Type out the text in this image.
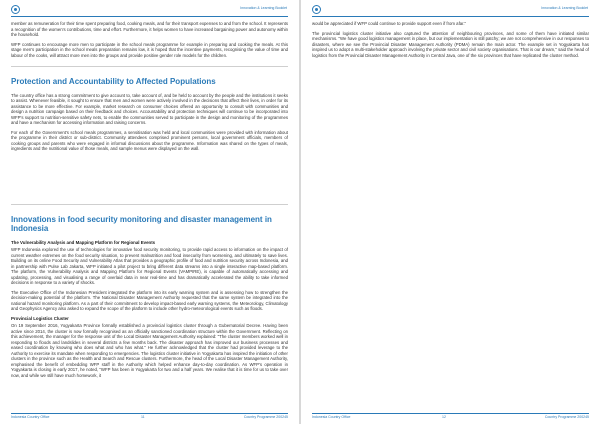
Innovation & Learning Booklet

member as remuneration for their time spent preparing food, cooking meals, and for their transport expenses to and from the school. It represents a recognition of the women's contributions, time and effort. Furthermore, it helps women to have increased bargaining power and autonomy within the household.

WFP continues to encourage more men to participate in the school meals programme for example in preparing and cooking the meals. At this stage men's participation in the school meals preparation remains low, it is hoped that the incentive payments, recognising the value of time and labour of the cooks, will attract more men into the groups and provide positive gender role models for the children.

Protection and Accountability to Affected Populations

The country office has a strong commitment to give account to, take account of, and be held to account by the people and the institutions it seeks to assist. Whenever feasible, it sought to ensure that men and women were actively involved in the decisions that affect their lives, in order for its assistance to be more effective. For example, market research on consumer choices offered an opportunity to consult with communities and design a nutrition campaign based on their feedback and choices. Accountability and protection techniques will continue to be incorporated into WFP's support to nutrition-sensitive safety nets, to enable the communities served to participate in the design and monitoring of the programmes and have a mechanism for accessing information and raising concerns.

For each of the Government's school meals programmes, a sensitisation was held and local communities were provided with information about the programme in their district or sub-district. Community attendees comprised prominent persons, local government officials, members of cooking groups and parents who were engaged in informal discussions about the programme. Information was shared on the types of meals, ingredients and the nutritional value of those meals, and sample menus were displayed on the wall.

Innovations in food security monitoring and disaster management in Indonesia
The Vulnerability Analysis and Mapping Platform for Regional Events

WFP Indonesia explored the use of technologies for innovative food security monitoring, to provide rapid access to information on the impact of current weather extremes on the food security situation, to prevent malnutrition and food insecurity from worsening, and ultimately to save lives. Building on its online Food Security and Vulnerability Atlas that provides a geographic profile of food and nutrition security across Indonesia, and in partnership with Pulse Lab Jakarta, WFP initiated a pilot project to bring different data streams into a single interactive map-based platform. The platform, the Vulnerability Analysis and Mapping Platform for Regional Events (VAMPIRE), is capable of automatically accessing and updating, processing, and visualising a range of overlaid data in near real-time and has dramatically accelerated the ability to take informed decisions in response to a variety of shocks.

The Executive Office of the Indonesian President integrated the platform into its early warning system and is assessing how to strengthen the decision-making potential of the platform. The National Disaster Management Authority requested that the same system be integrated into the national hazard monitoring platform. As a part of their commitment to develop impact-based early warning systems, the Meteorology, Climatology and Geophysics Agency also asked to expand the scope of the platform to include other hydro-meteorological events such as floods.

Provincial Logistics Cluster

On 19 September 2016, Yogyakarta Province formally established a provincial logistics cluster through a Gubernatorial Decree. Having been active since 2014, the cluster is now formally recognised as an officially sanctioned coordination structure within the Government. Reflecting on this achievement, the manager for the response unit of the Local Disaster Management Authority explained: "The cluster members worked well in responding to floods and landslides in several districts a few months back. The disaster approach has improved our business processes and eased coordination by knowing who does what and who has what." He further acknowledged that the cluster had provided leverage to the Authority to exercise its mandate when responding to emergencies. The logistics cluster initiative in Yogyakarta has inspired the initiation of other clusters in the province such as the Health and Search and Rescue clusters. Furthermore, the head of the Local Disaster Management Authority, emphasised the benefit of embedding WFP staff in the Authority which helped enhance day-to-day coordination. As WFP's operation in Yogyakarta is closing in early 2017, he noted, "WFP has been in Yogyakarta for two and a half years. We realise that it is time for us to take over now, and while we still have much homework, it

Indonesia Country Office	11	Country Programme 200245
Innovation & Learning Booklet

would be appreciated if WFP could continue to provide support even if from afar."

The provincial logistics cluster initiative also captured the attention of neighbouring provinces, and some of them have initiated similar mechanisms. "We have good logistics management in place, but our implementation is still patchy; we are not comprehensive in our responses to disasters, where we see the Provincial Disaster Management Authority (PDMA) remain the main actor. The example set in Yogyakarta has inspired us to adopt a multi-stakeholder approach involving the private sector and civil society organisations. That is our dream," said the head of logistics from the Provincial Disaster Management Authority in Central Java, one of the six provinces that have replicated the cluster method.

Indonesia Country Office	12	Country Programme 200245
